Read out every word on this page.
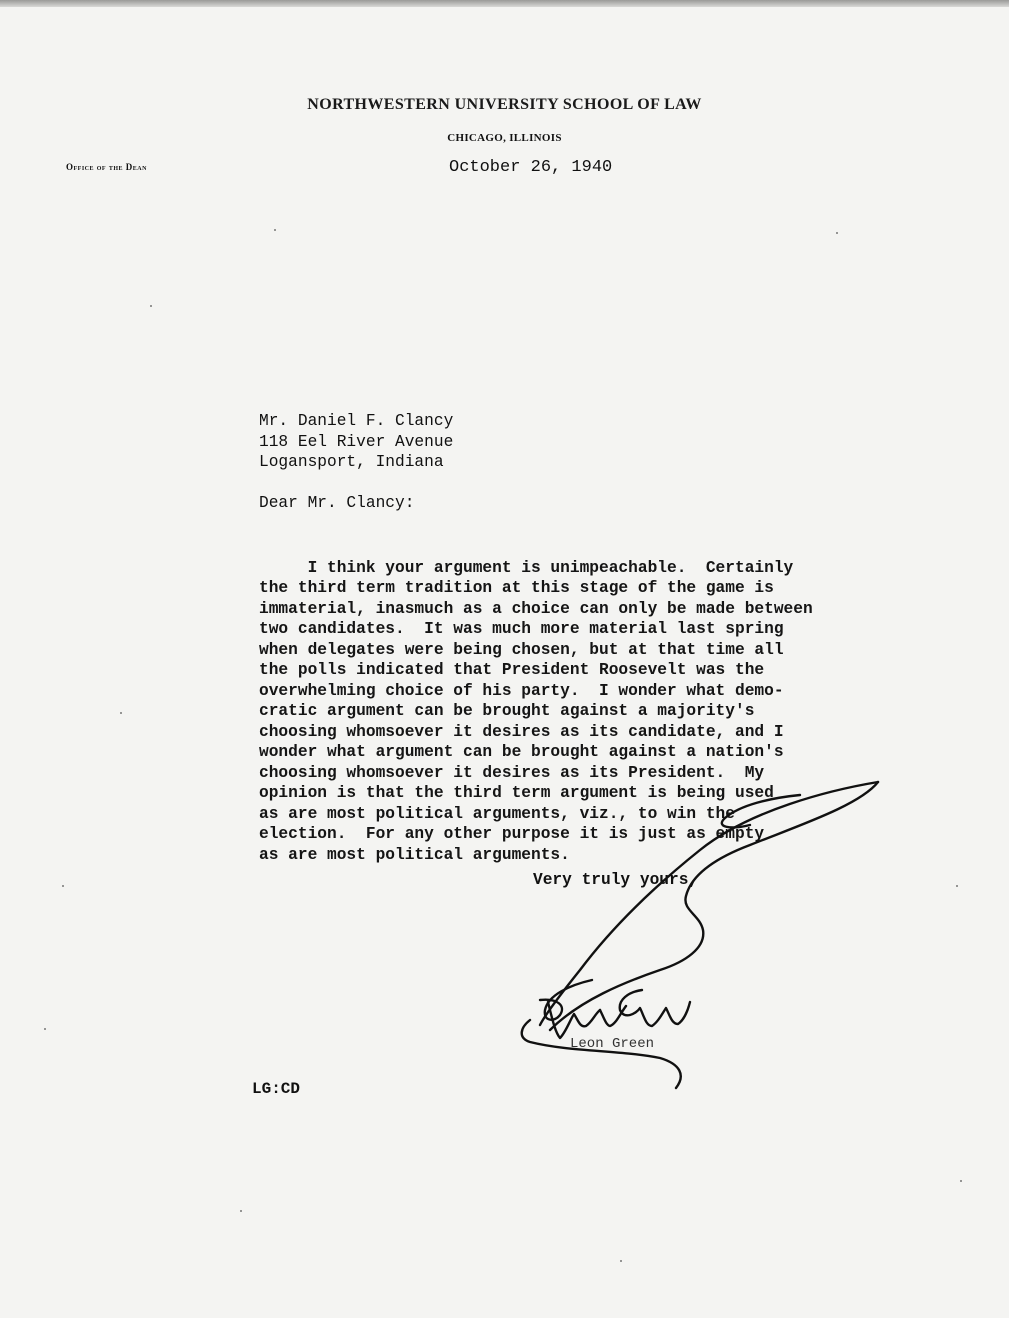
NORTHWESTERN UNIVERSITY SCHOOL OF LAW
CHICAGO, ILLINOIS
Office of the Dean	October 26, 1940
Mr. Daniel F. Clancy
118 Eel River Avenue
Logansport, Indiana
Dear Mr. Clancy:

I think your argument is unimpeachable.  Certainly
the third term tradition at this stage of the game is
immaterial, inasmuch as a choice can only be made between
two candidates.  It was much more material last spring
when delegates were being chosen, but at that time all
the polls indicated that President Roosevelt was the
overwhelming choice of his party.  I wonder what demo-
cratic argument can be brought against a majority's
choosing whomsoever it desires as its candidate, and I
wonder what argument can be brought against a nation's
choosing whomsoever it desires as its President.  My
opinion is that the third term argument is being used
as are most political arguments, viz., to win the
election.  For any other purpose it is just as empty
as are most political arguments.

Very truly yours,
Leon Green
LG:CD
